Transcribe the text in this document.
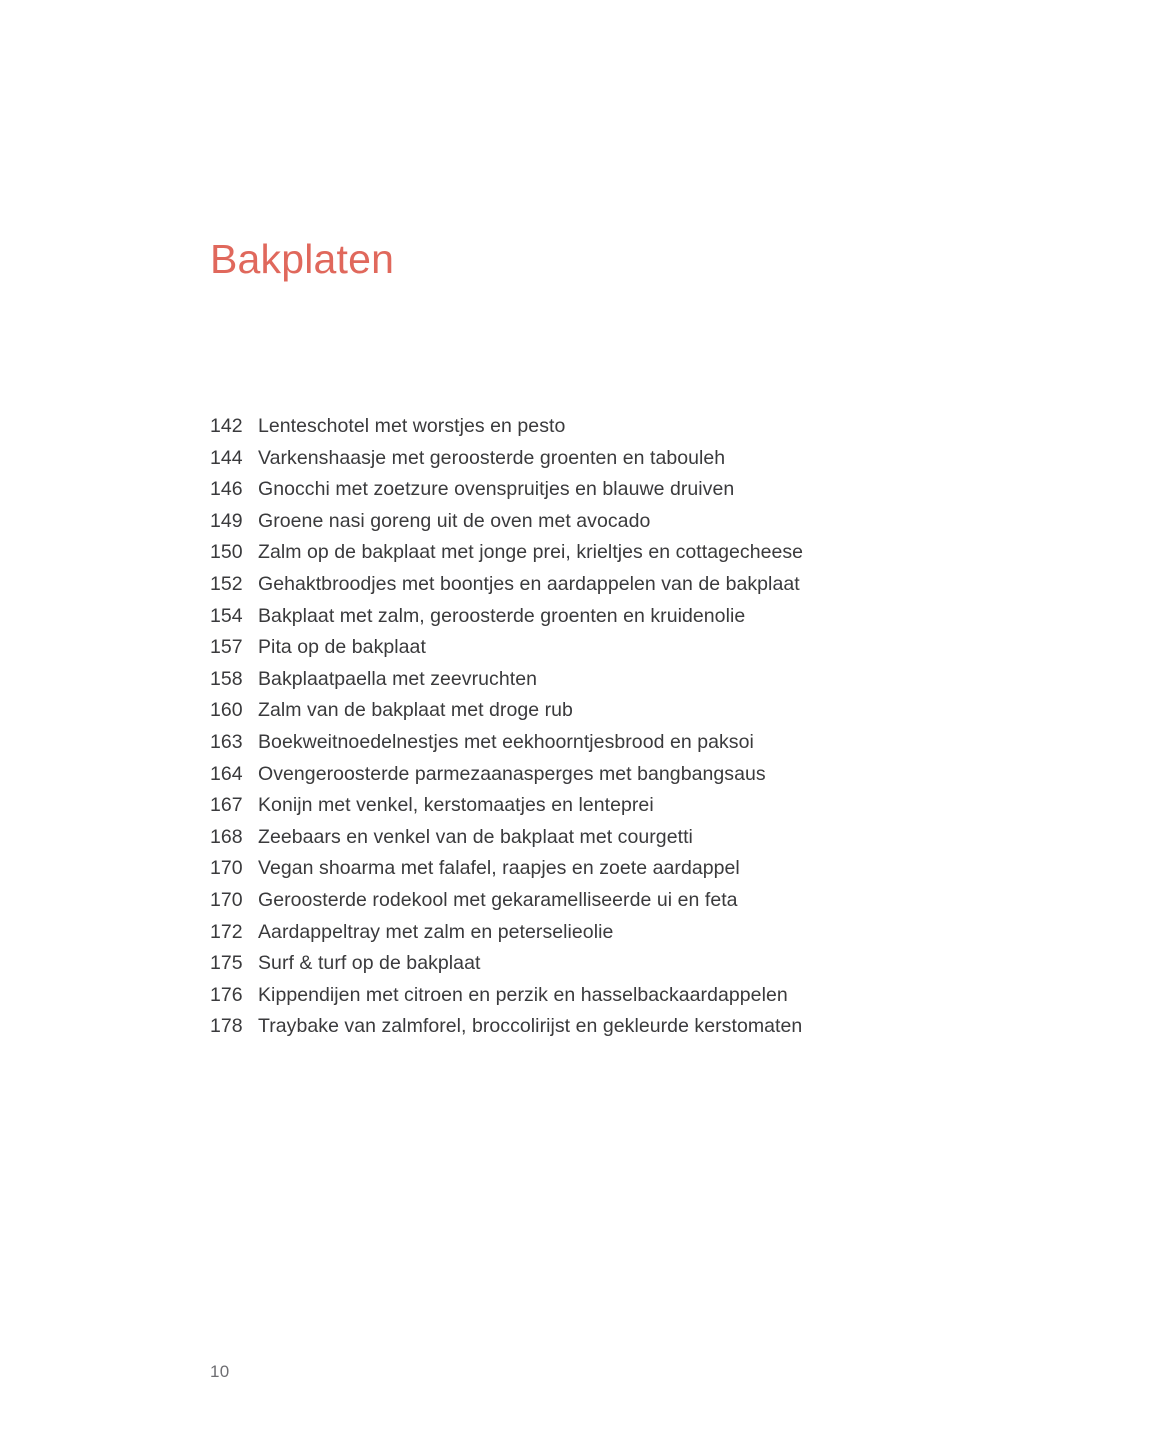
Bakplaten
142 Lenteschotel met worstjes en pesto
144 Varkenshaasje met geroosterde groenten en tabouleh
146 Gnocchi met zoetzure ovenspruitjes en blauwe druiven
149 Groene nasi goreng uit de oven met avocado
150 Zalm op de bakplaat met jonge prei, krieltjes en cottagecheese
152 Gehaktbroodjes met boontjes en aardappelen van de bakplaat
154 Bakplaat met zalm, geroosterde groenten en kruidenolie
157 Pita op de bakplaat
158 Bakplaatpaella met zeevruchten
160 Zalm van de bakplaat met droge rub
163 Boekweitnoedelnestjes met eekhoorntjesbrood en paksoi
164 Ovengeroosterde parmezaanasperges met bangbangsaus
167 Konijn met venkel, kerstomaatjes en lenteprei
168 Zeebaars en venkel van de bakplaat met courgetti
170 Vegan shoarma met falafel, raapjes en zoete aardappel
170 Geroosterde rodekool met gekaramelliseerde ui en feta
172 Aardappeltray met zalm en peterselieolie
175 Surf & turf op de bakplaat
176 Kippendijen met citroen en perzik en hasselbackaardappelen
178 Traybake van zalmforel, broccolirijst en gekleurde kerstomaten
10
